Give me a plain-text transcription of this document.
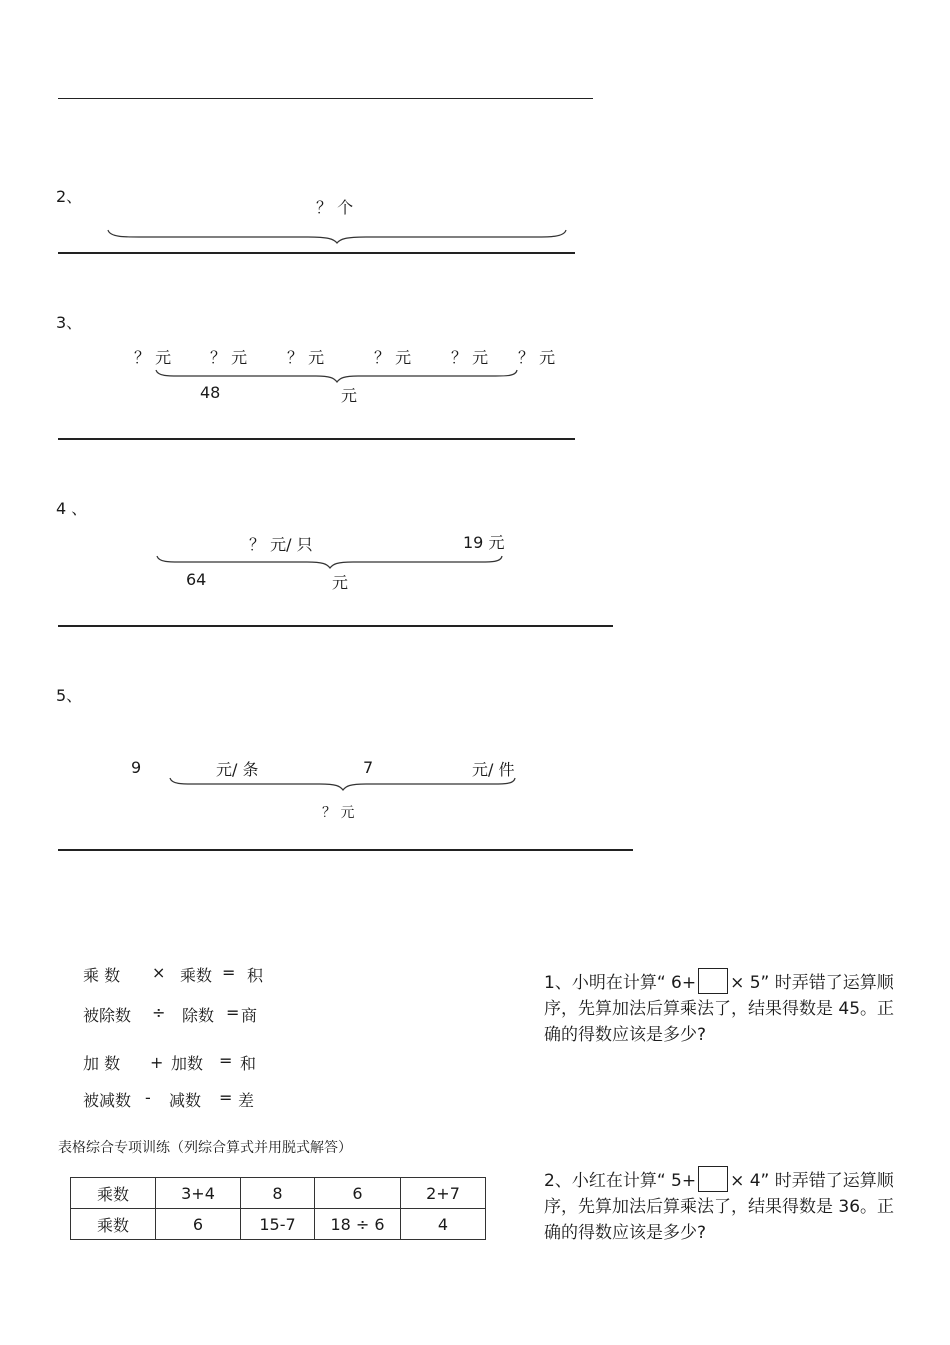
2、
？ 个
3、
？ 元 ？ 元 ？ 元	？ 元 ？ 元 ？ 元
48	元
4 、
？ 元/ 只	19 元
64	元
5、
9	元/ 条	7	元/ 件
？ 元
乘 数 × 乘数 = 积
被除数 ÷ 除数 = 商
加 数 + 加数 = 和
被减数 - 减数 = 差
表格综合专项训练（列综合算式并用脱式解答）
乘数	3+4	8	6	2+7
乘数	6	15-7	18 ÷ 6	4
1、小明在计算“ 6+ × 5” 时弄错了运算顺序，先算加法后算乘法了，结果得数是 45。正确的得数应该是多少?
2、小红在计算“ 5+ × 4” 时弄错了运算顺序，先算加法后算乘法了，结果得数是 36。正确的得数应该是多少?
